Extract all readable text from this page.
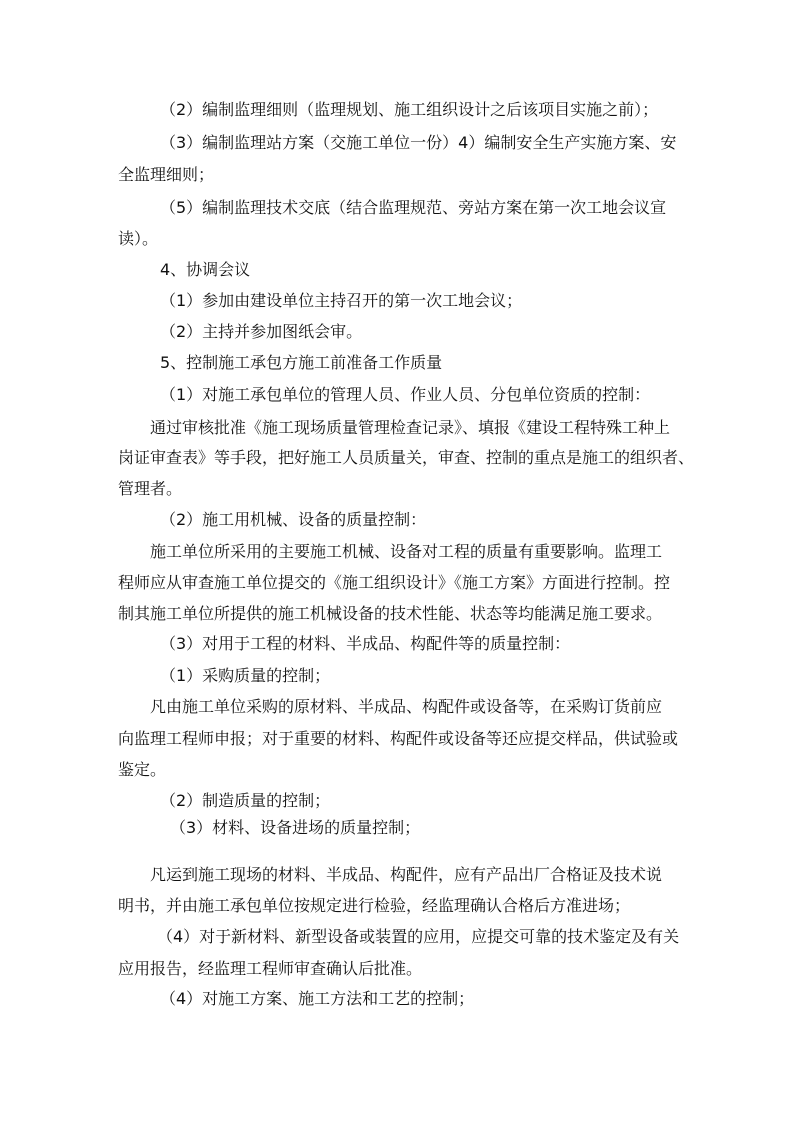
（2）编制监理细则（监理规划、施工组织设计之后该项目实施之前）；
（3）编制监理站方案（交施工单位一份）4）编制安全生产实施方案、安
全监理细则；
（5）编制监理技术交底（结合监理规范、旁站方案在第一次工地会议宣
读）。
4、协调会议
（1）参加由建设单位主持召开的第一次工地会议；
（2）主持并参加图纸会审。
5、控制施工承包方施工前准备工作质量
（1）对施工承包单位的管理人员、作业人员、分包单位资质的控制：
通过审核批准《施工现场质量管理检查记录》、填报《建设工程特殊工种上
岗证审查表》等手段，把好施工人员质量关，审查、控制的重点是施工的组织者、
管理者。
（2）施工用机械、设备的质量控制：
施工单位所采用的主要施工机械、设备对工程的质量有重要影响。监理工
程师应从审查施工单位提交的《施工组织设计》《施工方案》方面进行控制。控
制其施工单位所提供的施工机械设备的技术性能、状态等均能满足施工要求。
（3）对用于工程的材料、半成品、构配件等的质量控制：
（1）采购质量的控制；
凡由施工单位采购的原材料、半成品、构配件或设备等，在采购订货前应
向监理工程师申报；对于重要的材料、构配件或设备等还应提交样品，供试验或
鉴定。
（2）制造质量的控制；
（3）材料、设备进场的质量控制；
凡运到施工现场的材料、半成品、构配件，应有产品出厂合格证及技术说
明书，并由施工承包单位按规定进行检验，经监理确认合格后方准进场；
（4）对于新材料、新型设备或装置的应用，应提交可靠的技术鉴定及有关
应用报告，经监理工程师审查确认后批准。
（4）对施工方案、施工方法和工艺的控制；
